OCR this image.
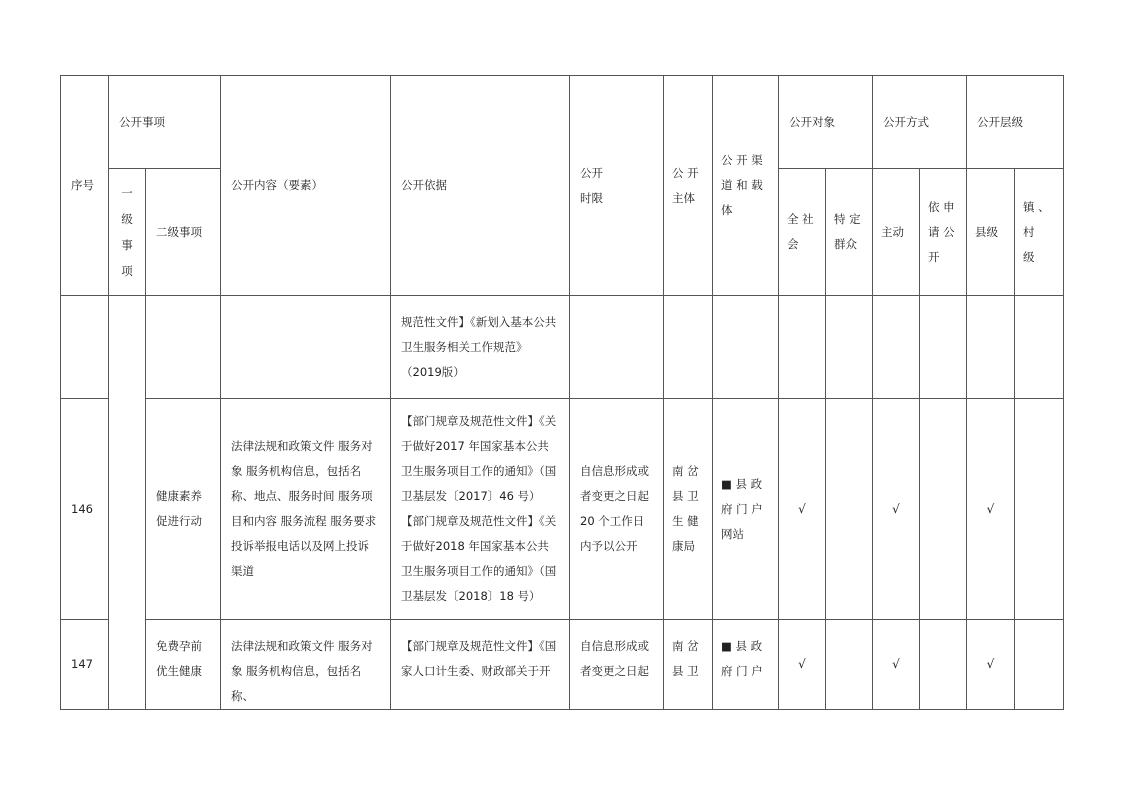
序号	公开事项		公开内容（要素）	公开依据	公开
时限	公 开
主体	公 开 渠
道 和 载
体	公开对象		公开方式		公开层级	
	一
级
事
项	二级事项						全 社
会	特 定
群众	主动	依 申
请 公
开	县级	镇 、
村
级
				规范性文件】《新划入基本公共卫生服务相关工作规范》（2019版）									
146		健康素养促进行动	法律法规和政策文件 服务对象 服务机构信息，包括名称、地点、服务时间 服务项目和内容 服务流程 服务要求 投诉举报电话以及网上投诉渠道	【部门规章及规范性文件】《关于做好2017 年国家基本公共卫生服务项目工作的通知》（国卫基层发〔2017〕46 号） 【部门规章及规范性文件】《关于做好2018 年国家基本公共卫生服务项目工作的通知》（国卫基层发〔2018〕18 号）	自信息形成或者变更之日起 20 个工作日内予以公开	南 岔
县 卫
生 健
康局	■ 县 政
府 门 户
网站	√		√		√	
147		免费孕前优生健康	法律法规和政策文件 服务对象 服务机构信息，包括名称、	【部门规章及规范性文件】《国家人口计生委、财政部关于开	自信息形成或者变更之日起	南 岔
县 卫	■ 县 政
府 门 户	√		√		√	
